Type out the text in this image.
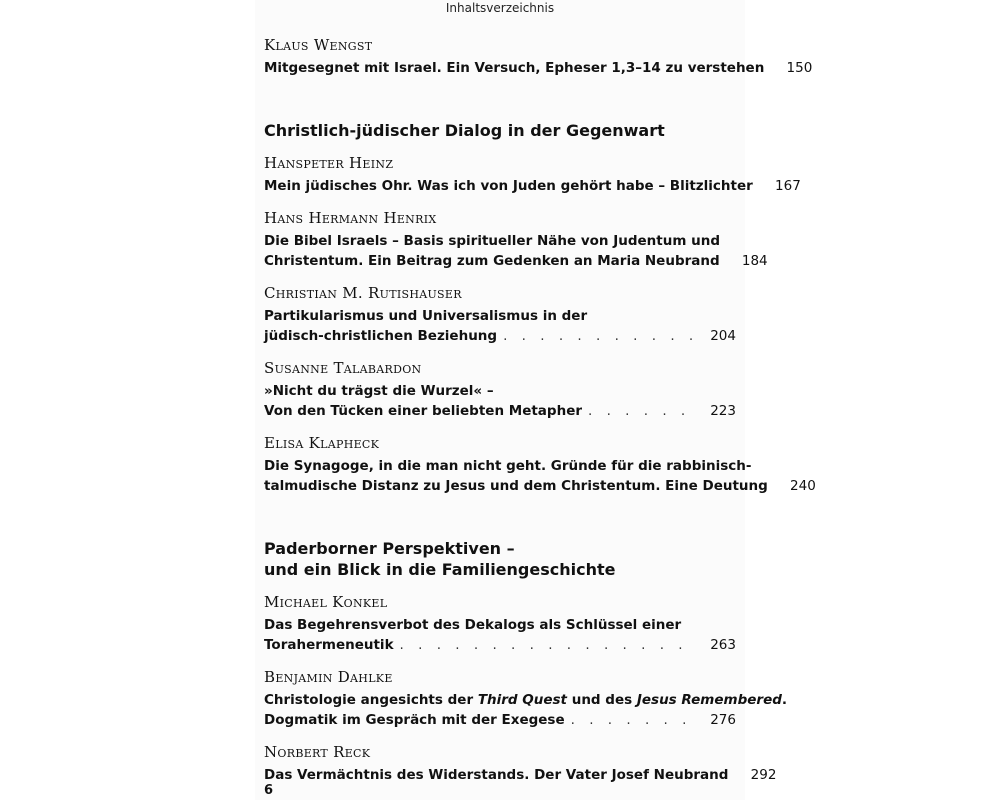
Inhaltsverzeichnis
Klaus Wengst
Mitgesegnet mit Israel. Ein Versuch, Epheser 1,3–14 zu verstehen	150
Christlich-jüdischer Dialog in der Gegenwart
Hanspeter Heinz
Mein jüdisches Ohr. Was ich von Juden gehört habe – Blitzlichter	167
Hans Hermann Henrix
Die Bibel Israels – Basis spiritueller Nähe von Judentum und
Christentum. Ein Beitrag zum Gedenken an Maria Neubrand	184
Christian M. Rutishauser
Partikularismus und Universalismus in der
jüdisch-christlichen Beziehung . . .	204
Susanne Talabardon
»Nicht du trägst die Wurzel« –
Von den Tücken einer beliebten Metapher . . .	223
Elisa Klapheck
Die Synagoge, in die man nicht geht. Gründe für die rabbinisch-
talmudische Distanz zu Jesus und dem Christentum. Eine Deutung	240
Paderborner Perspektiven –
und ein Blick in die Familiengeschichte
Michael Konkel
Das Begehrensverbot des Dekalogs als Schlüssel einer
Torahermeneutik . . .	263
Benjamin Dahlke
Christologie angesichts der Third Quest und des Jesus Remembered.
Dogmatik im Gespräch mit der Exegese . . .	276
Norbert Reck
Das Vermächtnis des Widerstands. Der Vater Josef Neubrand	292
6
